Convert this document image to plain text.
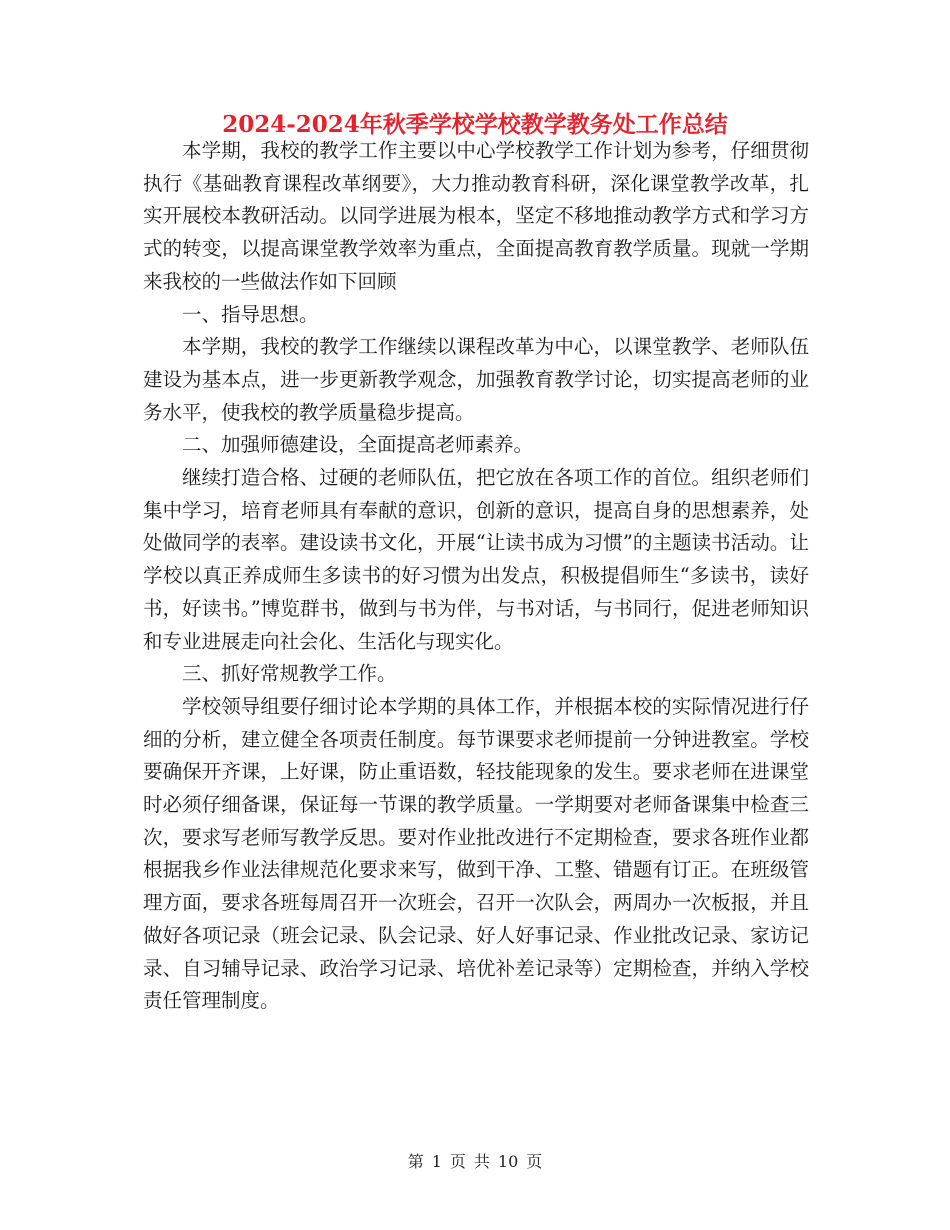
2024-2024年秋季学校学校教学教务处工作总结

本学期，我校的教学工作主要以中心学校教学工作计划为参考，仔细贯彻执行《基础教育课程改革纲要》，大力推动教育科研，深化课堂教学改革，扎实开展校本教研活动。以同学进展为根本，坚定不移地推动教学方式和学习方式的转变，以提高课堂教学效率为重点，全面提高教育教学质量。现就一学期来我校的一些做法作如下回顾

一、指导思想。

本学期，我校的教学工作继续以课程改革为中心，以课堂教学、老师队伍建设为基本点，进一步更新教学观念，加强教育教学讨论，切实提高老师的业务水平，使我校的教学质量稳步提高。

二、加强师德建设，全面提高老师素养。

继续打造合格、过硬的老师队伍，把它放在各项工作的首位。组织老师们集中学习，培育老师具有奉献的意识，创新的意识，提高自身的思想素养，处处做同学的表率。建设读书文化，开展“让读书成为习惯”的主题读书活动。让学校以真正养成师生多读书的好习惯为出发点，积极提倡师生“多读书，读好书，好读书。”博览群书，做到与书为伴，与书对话，与书同行，促进老师知识和专业进展走向社会化、生活化与现实化。

三、抓好常规教学工作。

学校领导组要仔细讨论本学期的具体工作，并根据本校的实际情况进行仔细的分析，建立健全各项责任制度。每节课要求老师提前一分钟进教室。学校要确保开齐课，上好课，防止重语数，轻技能现象的发生。要求老师在进课堂时必须仔细备课，保证每一节课的教学质量。一学期要对老师备课集中检查三次，要求写老师写教学反思。要对作业批改进行不定期检查，要求各班作业都根据我乡作业法律规范化要求来写，做到干净、工整、错题有订正。在班级管理方面，要求各班每周召开一次班会，召开一次队会，两周办一次板报，并且做好各项记录（班会记录、队会记录、好人好事记录、作业批改记录、家访记录、自习辅导记录、政治学习记录、培优补差记录等）定期检查，并纳入学校责任管理制度。

第 1 页 共 10 页
